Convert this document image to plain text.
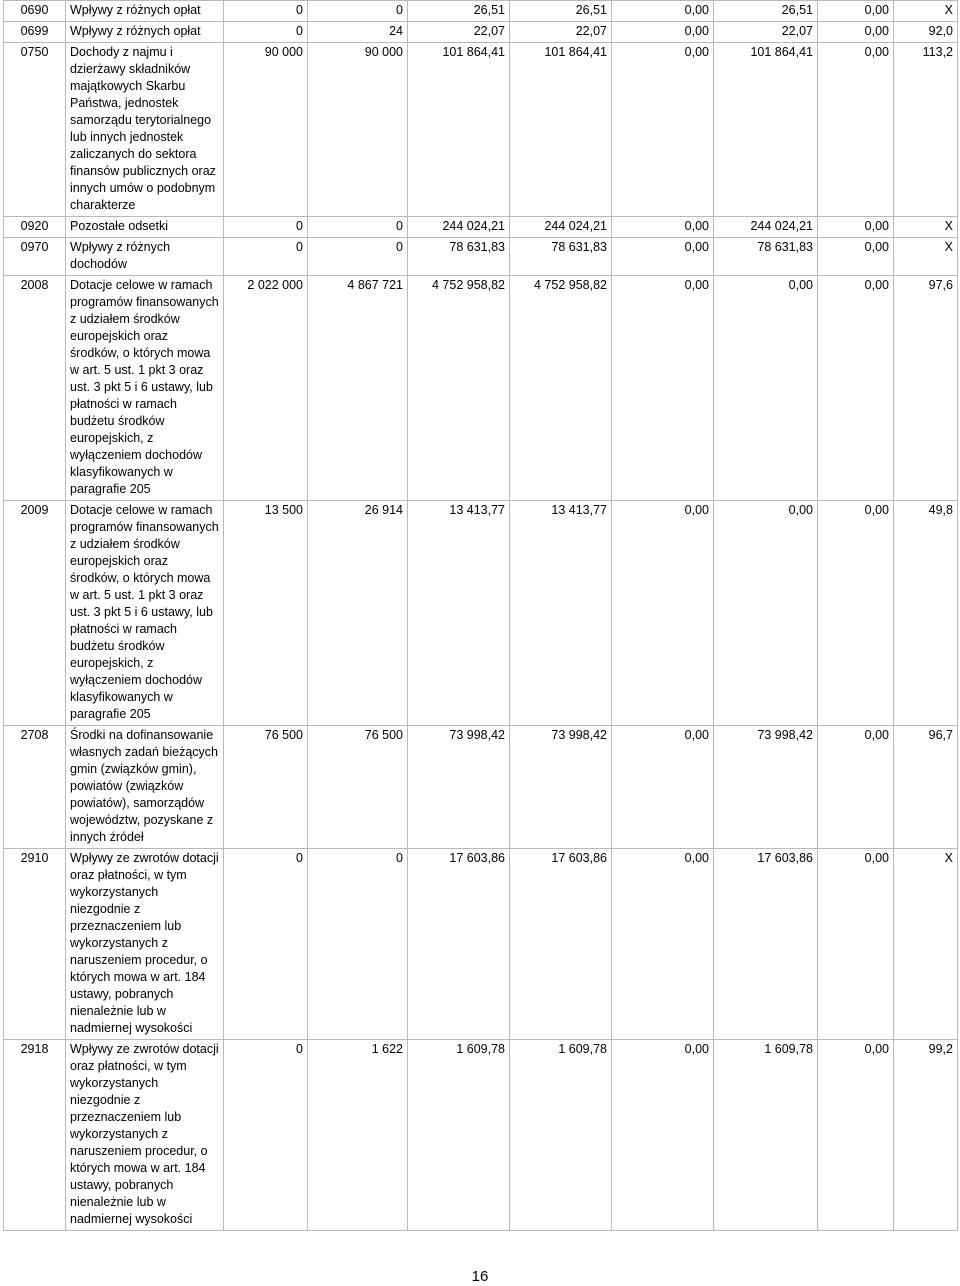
0690	Wpływy z różnych opłat	0	0	26,51	26,51	0,00	26,51	0,00	X
0699	Wpływy z różnych opłat	0	24	22,07	22,07	0,00	22,07	0,00	92,0
0750	Dochody z najmu i dzierżawy składników majątkowych Skarbu Państwa, jednostek samorządu terytorialnego lub innych jednostek zaliczanych do sektora finansów publicznych oraz innych umów o podobnym charakterze	90 000	90 000	101 864,41	101 864,41	0,00	101 864,41	0,00	113,2
0920	Pozostałe odsetki	0	0	244 024,21	244 024,21	0,00	244 024,21	0,00	X
0970	Wpływy z różnych dochodów	0	0	78 631,83	78 631,83	0,00	78 631,83	0,00	X
2008	Dotacje celowe w ramach programów finansowanych z udziałem środków europejskich oraz środków, o których mowa w art. 5 ust. 1 pkt 3 oraz ust. 3 pkt 5 i 6 ustawy, lub płatności w ramach budżetu środków europejskich, z wyłączeniem dochodów klasyfikowanych w paragrafie 205	2 022 000	4 867 721	4 752 958,82	4 752 958,82	0,00	0,00	0,00	97,6
2009	Dotacje celowe w ramach programów finansowanych z udziałem środków europejskich oraz środków, o których mowa w art. 5 ust. 1 pkt 3 oraz ust. 3 pkt 5 i 6 ustawy, lub płatności w ramach budżetu środków europejskich, z wyłączeniem dochodów klasyfikowanych w paragrafie 205	13 500	26 914	13 413,77	13 413,77	0,00	0,00	0,00	49,8
2708	Środki na dofinansowanie własnych zadań bieżących gmin (związków gmin), powiatów (związków powiatów), samorządów województw, pozyskane z innych źródeł	76 500	76 500	73 998,42	73 998,42	0,00	73 998,42	0,00	96,7
2910	Wpływy ze zwrotów dotacji oraz płatności, w tym wykorzystanych niezgodnie z przeznaczeniem lub wykorzystanych z naruszeniem procedur, o których mowa w art. 184 ustawy, pobranych nienależnie lub w nadmiernej wysokości	0	0	17 603,86	17 603,86	0,00	17 603,86	0,00	X
2918	Wpływy ze zwrotów dotacji oraz płatności, w tym wykorzystanych niezgodnie z przeznaczeniem lub wykorzystanych z naruszeniem procedur, o których mowa w art. 184 ustawy, pobranych nienależnie lub w nadmiernej wysokości	0	1 622	1 609,78	1 609,78	0,00	1 609,78	0,00	99,2
16
